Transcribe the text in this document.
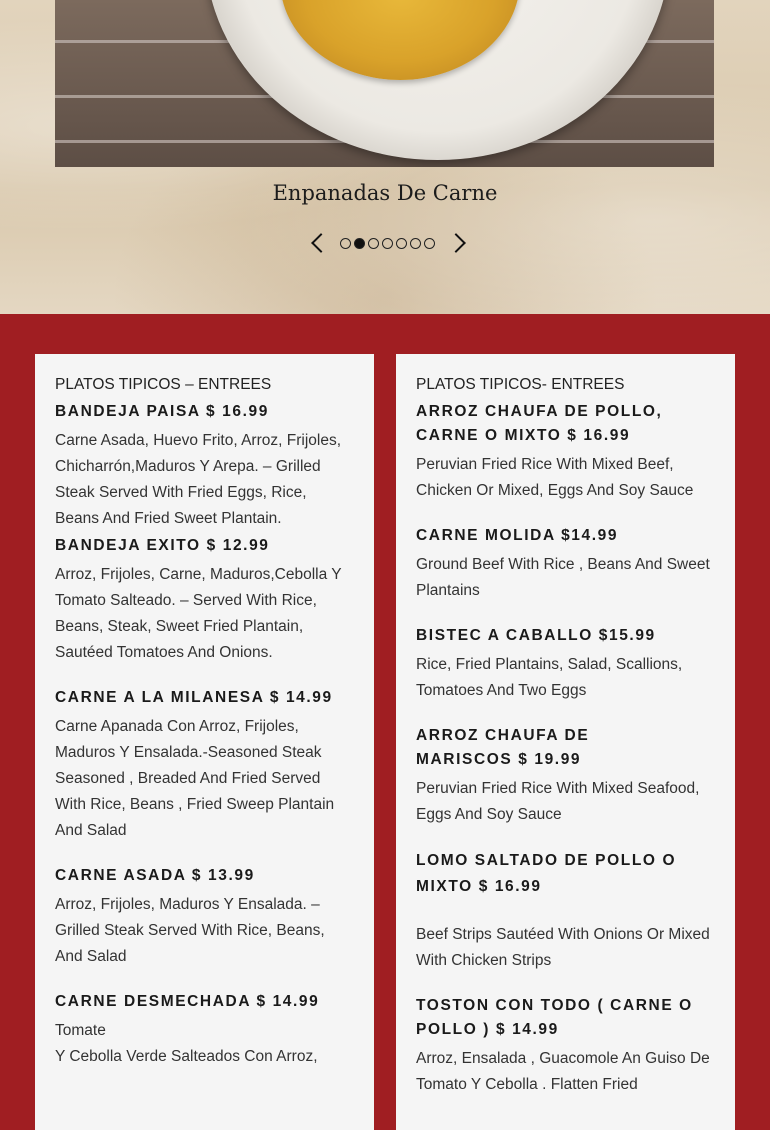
Enpanadas De Carne
PLATOS TIPICOS – ENTREES
BANDEJA PAISA $ 16.99
Carne Asada, Huevo Frito, Arroz, Frijoles, Chicharrón,Maduros Y Arepa. – Grilled Steak Served With Fried Eggs, Rice, Beans And Fried Sweet Plantain.
BANDEJA EXITO $ 12.99
Arroz, Frijoles, Carne, Maduros,Cebolla Y Tomato Salteado. – Served With Rice, Beans, Steak, Sweet Fried Plantain, Sautéed Tomatoes And Onions.
CARNE A LA MILANESA $ 14.99
Carne Apanada Con Arroz, Frijoles, Maduros Y Ensalada.-Seasoned Steak Seasoned , Breaded And Fried Served With Rice, Beans , Fried Sweep Plantain And Salad
CARNE ASADA $ 13.99
Arroz, Frijoles, Maduros Y Ensalada. – Grilled Steak Served With Rice, Beans, And Salad
CARNE DESMECHADA $ 14.99
Tomate
Y Cebolla Verde Salteados Con Arroz,
PLATOS TIPICOS- ENTREES
ARROZ CHAUFA DE POLLO, CARNE O MIXTO $ 16.99
Peruvian Fried Rice With Mixed Beef, Chicken Or Mixed, Eggs And Soy Sauce
CARNE MOLIDA $14.99
Ground Beef With Rice , Beans And Sweet Plantains
BISTEC A CABALLO $15.99
Rice, Fried Plantains, Salad, Scallions, Tomatoes And Two Eggs
ARROZ CHAUFA DE MARISCOS $ 19.99
Peruvian Fried Rice With Mixed Seafood, Eggs And Soy Sauce
LOMO SALTADO DE POLLO O MIXTO $ 16.99
Beef Strips Sautéed With Onions Or Mixed With Chicken Strips
TOSTON CON TODO ( CARNE O POLLO ) $ 14.99
Arroz, Ensalada , Guacomole An Guiso De Tomato Y Cebolla . Flatten Fried
